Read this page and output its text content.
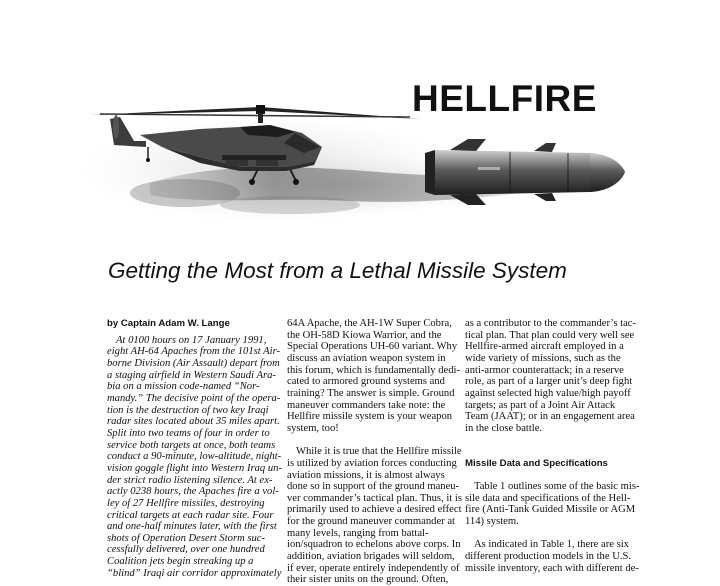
HELLFIRE
Getting the Most from a Lethal Missile System
by Captain Adam W. Lange
At 0100 hours on 17 January 1991,
eight AH-64 Apaches from the 101st Air-
borne Division (Air Assault) depart from
a staging airfield in Western Saudi Ara-
bia on a mission code-named “Nor-
mandy.” The decisive point of the opera-
tion is the destruction of two key Iraqi
radar sites located about 35 miles apart.
Split into two teams of four in order to
service both targets at once, both teams
conduct a 90-minute, low-altitude, night-
vision goggle flight into Western Iraq un-
der strict radio listening silence. At ex-
actly 0238 hours, the Apaches fire a vol-
ley of 27 Hellfire missiles, destroying
critical targets at each radar site. Four
and one-half minutes later, with the first
shots of Operation Desert Storm suc-
cessfully delivered, over one hundred
Coalition jets begin streaking up a
“blind” Iraqi air corridor approximately
64A Apache, the AH-1W Super Cobra,
the OH-58D Kiowa Warrior, and the
Special Operations UH-60 variant. Why
discuss an aviation weapon system in
this forum, which is fundamentally dedi-
cated to armored ground systems and
training? The answer is simple. Ground
maneuver commanders take note: the
Hellfire missile system is your weapon
system, too!
While it is true that the Hellfire missile
is utilized by aviation forces conducting
aviation missions, it is almost always
done so in support of the ground maneu-
ver commander’s tactical plan. Thus, it is
primarily used to achieve a desired effect
for the ground maneuver commander at
many levels, ranging from battal-
ion/squadron to echelons above corps. In
addition, aviation brigades will seldom,
if ever, operate entirely independently of
their sister units on the ground. Often,
as a contributor to the commander’s tac-
tical plan. That plan could very well see
Hellfire-armed aircraft employed in a
wide variety of missions, such as the
anti-armor counterattack; in a reserve
role, as part of a larger unit’s deep fight
against selected high value/high payoff
targets; as part of a Joint Air Attack
Team (JAAT); or in an engagement area
in the close battle.
Missile Data and Specifications
Table 1 outlines some of the basic mis-
sile data and specifications of the Hell-
fire (Anti-Tank Guided Missile or AGM
114) system.
As indicated in Table 1, there are six
different production models in the U.S.
missile inventory, each with different de-
